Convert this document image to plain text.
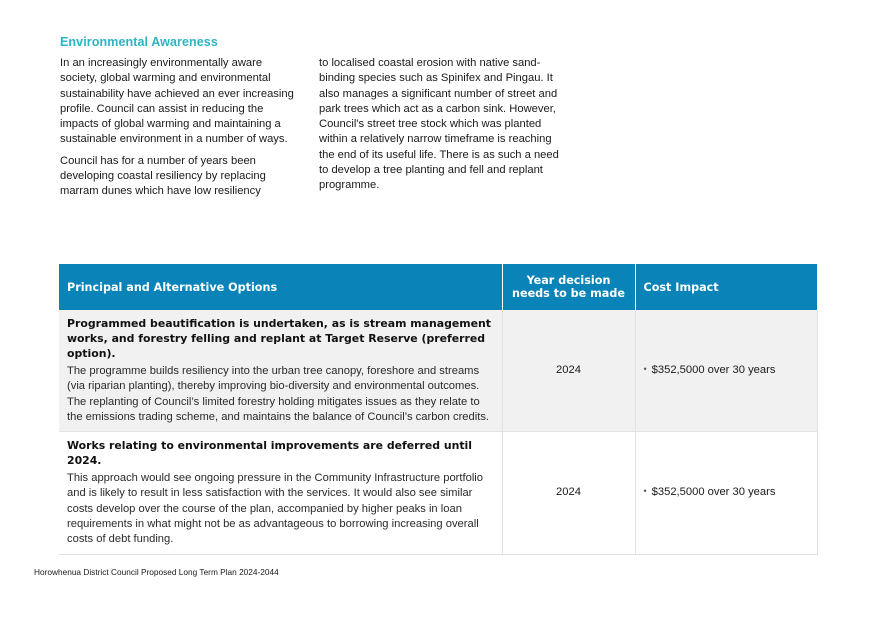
Environmental Awareness

In an increasingly environmentally aware society, global warming and environmental sustainability have achieved an ever increasing profile. Council can assist in reducing the impacts of global warming and maintaining a sustainable environment in a number of ways.

Council has for a number of years been developing coastal resiliency by replacing marram dunes which have low resiliency

to localised coastal erosion with native sand-binding species such as Spinifex and Pingau. It also manages a significant number of street and park trees which act as a carbon sink. However, Council's street tree stock which was planted within a relatively narrow timeframe is reaching the end of its useful life. There is as such a need to develop a tree planting and fell and replant programme.

Principal and Alternative Options	Year decision needs to be made	Cost Impact

Programmed beautification is undertaken, as is stream management works, and forestry felling and replant at Target Reserve (preferred option).

The programme builds resiliency into the urban tree canopy, foreshore and streams (via riparian planting), thereby improving bio-diversity and environmental outcomes. The replanting of Council’s limited forestry holding mitigates issues as they relate to the emissions trading scheme, and maintains the balance of Council’s carbon credits.	2024	• $352,5000 over 30 years

Works relating to environmental improvements are deferred until 2024.

This approach would see ongoing pressure in the Community Infrastructure portfolio and is likely to result in less satisfaction with the services. It would also see similar costs develop over the course of the plan, accompanied by higher peaks in loan requirements in what might not be as advantageous to borrowing increasing overall costs of debt funding.	2024	• $352,5000 over 30 years
Horowhenua District Council Proposed Long Term Plan 2024-2044
